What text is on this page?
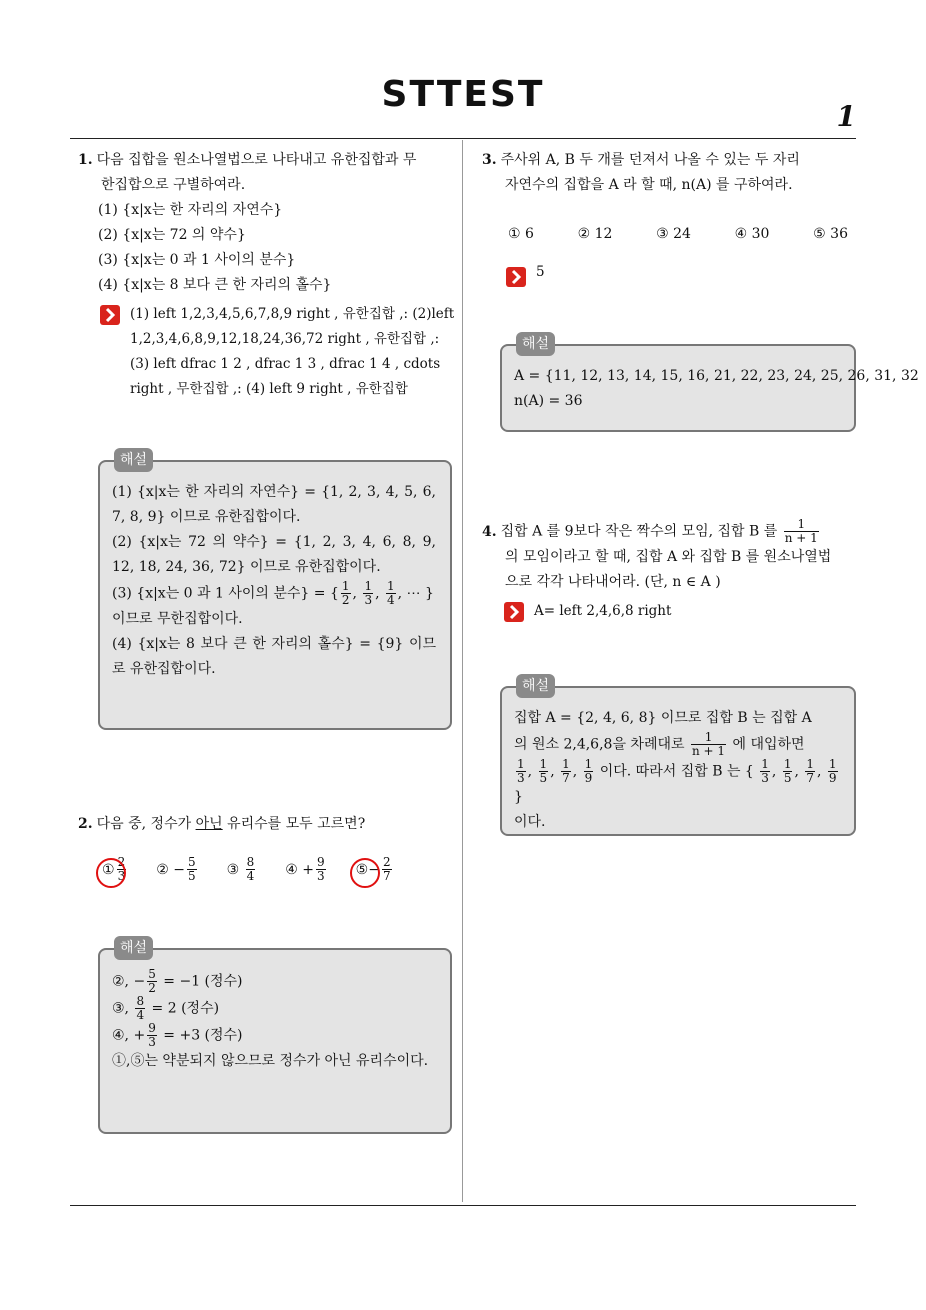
STTEST
1
1. 다음 집합을 원소나열법으로 나타내고 유한집합과 무
한집합으로 구별하여라.
(1) {x|x는 한 자리의 자연수}
(2) {x|x는 72 의 약수}
(3) {x|x는 0 과 1 사이의 분수}
(4) {x|x는 8 보다 큰 한 자리의 홀수}
(1) left 1,2,3,4,5,6,7,8,9 right , 유한집합 ,: (2)left 1,2,3,4,6,8,9,12,18,24,36,72 right , 유한집합 ,: (3) left dfrac 1 2 , dfrac 1 3 , dfrac 1 4 , cdots right , 무한집합 ,: (4) left 9 right , 유한집합
해설
(1) {x|x는 한 자리의 자연수} = {1, 2, 3, 4, 5, 6, 7, 8, 9} 이므로 유한집합이다.
(2) {x|x는 72 의 약수} = {1, 2, 3, 4, 6, 8, 9, 12, 18, 24, 36, 72} 이므로 유한집합이다.
(3) {x|x는 0 과 1 사이의 분수} = { $\frac{1}{2}$ , $\frac{1}{3}$ , $\frac{1}{4}$ , ⋯ }
이므로 무한집합이다.
(4) {x|x는 8 보다 큰 한 자리의 홀수} = {9} 이므로 유한집합이다.
2. 다음 중, 정수가 아닌 유리수를 모두 고르면?
① $\frac{2}{3}$ ②
− $\frac{5}{5}$ ③
$\frac{8}{4}$ ④
+ $\frac{9}{3}$ ⑤ − $\frac{2}{7}$
해설
②, − $\frac{5}{2} = -1$ (정수)
③, $\frac{8}{4} = 2$ (정수)
④, + $\frac{9}{3} = +3$ (정수)
①,⑤는 약분되지 않으므로 정수가 아닌 유리수이다.
3. 주사위 A, B 두 개를 던져서 나올 수 있는 두 자리
자연수의 집합을 A 라 할 때, n(A) 를 구하여라.
① 6	② 12	③ 24	④ 30	⑤ 36
5
해설
A = {11, 12, 13, 14, 15, 16, 21, 22, 23, 24, 25, 26, 31, 32
n(A) = 36
4. 집합 A 를 9보다 작은 짝수의 모임, 집합 B 를 $\frac{1}{n + 1}$
의 모임이라고 할 때, 집합 A 와 집합 B 를 원소나열법
으로 각각 나타내어라. (단, n ∈ A )
A= left 2,4,6,8 right
해설
집합 A = {2, 4, 6, 8} 이므로 집합 B 는 집합 A
의 원소 2,4,6,8을 차례대로 $\frac{1}{n + 1}$ 에 대입하면
$\frac{1}{3}$ , $\frac{1}{5}$ , $\frac{1}{7}$ , $\frac{1}{9}$ 이다. 따라서 집합 B 는 { $\frac{1}{3}$ , $\frac{1}{5}$ , $\frac{1}{7}$ , $\frac{1}{9}$
}
이다.
